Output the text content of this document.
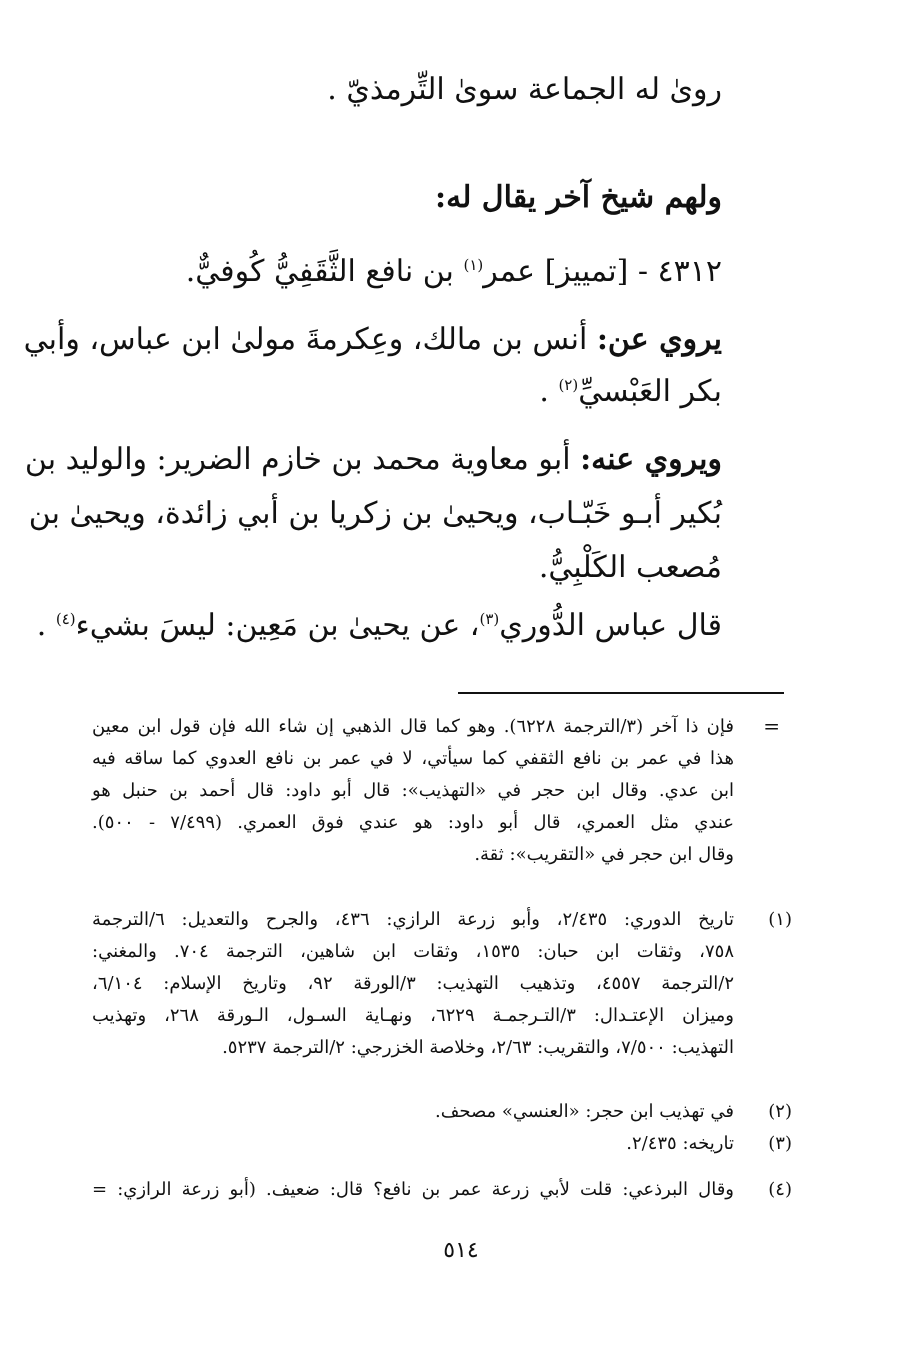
روىٰ له الجماعة سوىٰ التِّرمذيّ .
ولهم شيخ آخر يقال له:
٤٣١٢ - [تمييز] عمر$^{(١)}$ بن نافع الثَّقَفِيُّ كُوفيٌّ.
يروي عن: أنس بن مالك، وعِكرمةَ مولىٰ ابن عباس، وأبي
بكر العَبْسيِّ$^{(٢)}$ .
ويروي عنه: أبو معاوية محمد بن خازم الضرير: والوليد بن
بُكير أبـو خَبّـاب، ويحيىٰ بن زكريا بن أبي زائدة، ويحيىٰ بن
مُصعب الكَلْبِيُّ.
قال عباس الدُّوري$^{(٣)}$، عن يحيىٰ بن مَعِين: ليسَ بشيء$^{(٤)}$ .
=
فإن ذا آخر (٣/الترجمة ٦٢٢٨). وهو كما قال الذهبي إن شاء الله فإن قول ابن معين
هذا في عمر بن نافع الثقفي كما سيأتي، لا في عمر بن نافع العدوي كما ساقه فيه
ابن عدي. وقال ابن حجر في «التهذيب»: قال أبو داود: قال أحمد بن حنبل هو
عندي مثل العمري، قال أبو داود: هو عندي فوق العمري. (٧/٤٩٩ - ٥٠٠).
وقال ابن حجر في «التقريب»: ثقة.
(١)
تاريخ الدوري: ٢/٤٣٥، وأبو زرعة الرازي: ٤٣٦، والجرح والتعديل: ٦/الترجمة
٧٥٨، وثقات ابن حبان: ١٥٣٥، وثقات ابن شاهين، الترجمة ٧٠٤. والمغني:
٢/الترجمة ٤٥٥٧، وتذهيب التهذيب: ٣/الورقة ٩٢، وتاريخ الإسلام: ٦/١٠٤،
وميزان الإعتـدال: ٣/التـرجمـة ٦٢٢٩، ونهـاية السـول، الـورقة ٢٦٨، وتهذيب
التهذيب: ٧/٥٠٠، والتقريب: ٢/٦٣، وخلاصة الخزرجي: ٢/الترجمة ٥٢٣٧.
(٢)
في تهذيب ابن حجر: «العنسي» مصحف.
(٣)
تاريخه: ٢/٤٣٥.
(٤)
وقال البرذعي: قلت لأبي زرعة عمر بن نافع؟ قال: ضعيف. (أبو زرعة الرازي: =
٥١٤
